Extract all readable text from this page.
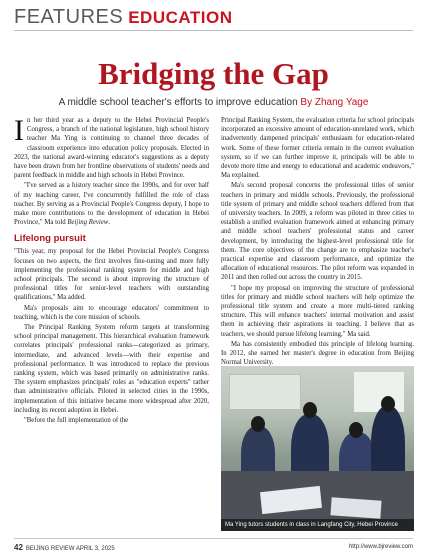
FEATURES EDUCATION
Bridging the Gap
A middle school teacher's efforts to improve education By Zhang Yage

In her third year as a deputy to the Hebei Provincial People's Congress, a branch of the national legislature, high school history teacher Ma Ying is continuing to channel three decades of classroom experience into education policy proposals. Elected in 2023, the national award-winning educator's suggestions as a deputy have been drawn from her frontline observations of students' needs and parent feedback in middle and high schools in Hebei Province.

"I've served as a history teacher since the 1990s, and for over half of my teaching career, I've concurrently fulfilled the role of class teacher. By serving as a Provincial People's Congress deputy, I hope to make more contributions to the development of education in Hebei Province," Ma told Beijing Review.

Lifelong pursuit

"This year, my proposal for the Hebei Provincial People's Congress focuses on two aspects, the first involves fine-tuning and more fully implementing the professional ranking system for middle and high school principals. The second is about improving the structure of professional titles for senior-level teachers with outstanding qualifications," Ma added.

Ma's proposals aim to encourage educators' commitment to teaching, which is the core mission of schools.

The Principal Ranking System reform targets at transforming school principal management. This hierarchical evaluation framework correlates principals' professional ranks—categorized as primary, intermediate, and advanced levels—with their expertise and professional performance. It was introduced to replace the previous ranking system, which was based primarily on administrative ranks. The system emphasizes principals' roles as "education experts" rather than administrative officials. Piloted in selected cities in the 1990s, implementation of this initiative became more widespread after 2020, including its recent adoption in Hebei.

"Before the full implementation of the

Principal Ranking System, the evaluation criteria for school principals incorporated an excessive amount of education-unrelated work, which inadvertently dampened principals' enthusiasm for education-related work. Some of these former criteria remain in the current evaluation system, so if we can further improve it, principals will be able to devote more time and energy to educational and academic endeavors," Ma explained.

Ma's second proposal concerns the professional titles of senior teachers in primary and middle schools. Previously, the professional title system of primary and middle school teachers differed from that of university teachers. In 2009, a reform was piloted in three cities to establish a unified evaluation framework aimed at enhancing primary and middle school teachers' professional status and career development, by introducing the highest-level professional title for them. The core objectives of the change are to emphasize teacher's practical expertise and classroom performance, and optimize the allocation of educational resources. The pilot reform was expanded in 2011 and then rolled out across the country in 2015.

"I hope my proposal on improving the structure of professional titles for primary and middle school teachers will help optimize the professional title system and create a more multi-tiered ranking structure. This will enhance teachers' internal motivation and assist them in achieving their aspirations in teaching. I believe that as teachers, we should pursue lifelong learning," Ma said.

Ma has consistently embodied this principle of lifelong learning. In 2012, she earned her master's degree in education from Beijing Normal University.

Ma Ying tutors students in class in Langfang City, Hebei Province
42 BEIJING REVIEW APRIL 3, 2025	http://www.bjreview.com
